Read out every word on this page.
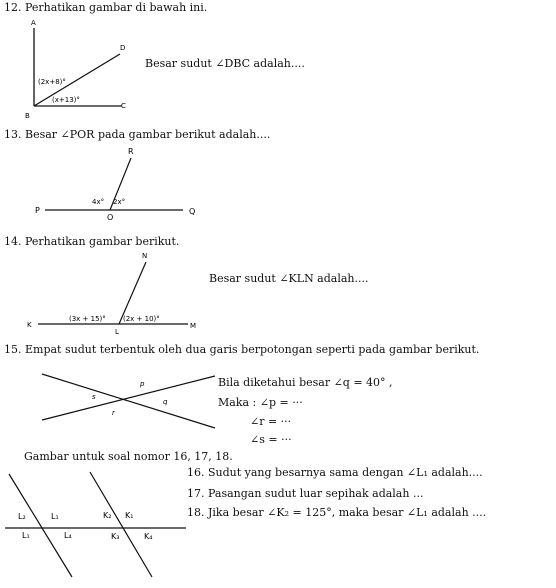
12. Perhatikan gambar di bawah ini.
A
D
B
C
(2x+8)°
(x+13)°
Besar sudut ∠DBC adalah....
13. Besar ∠POR pada gambar berikut adalah....
R
P	Q
O
4x° 2x°
14. Perhatikan gambar berikut.
N
K	M
L
(3x + 15)° (2x + 10)°
Besar sudut ∠KLN adalah....
15. Empat sudut terbentuk oleh dua garis berpotongan seperti pada gambar berikut.
p
s
q
r
Bila diketahui besar ∠q = 40° ,
Maka : ∠p = ···
∠r = ···
∠s = ···
Gambar untuk soal nomor 16, 17, 18.
L₂	L₁
L₁	L₄
K₂ K₁
K₃	K₄
16. Sudut yang besarnya sama dengan ∠L₁ adalah....
17. Pasangan sudut luar sepihak adalah ...
18. Jika besar ∠K₂ = 125°, maka besar ∠L₁ adalah ....
